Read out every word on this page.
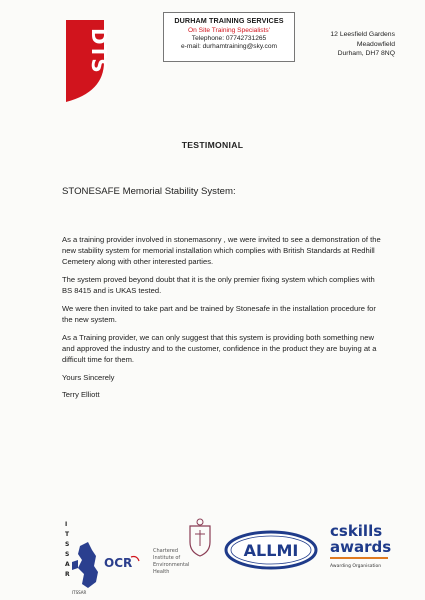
DTS
DURHAM TRAINING SERVICES
On Site Training Specialists'
Telephone: 07742731265
e-mail: durhamtraining@sky.com
12 Leesfield Gardens
Meadowfield
Durham, DH7 8NQ
TESTIMONIAL
STONESAFE Memorial Stability System:

As a training provider involved in stonemasonry , we were invited to see a demonstration of the new stability system for memorial installation which complies with British Standards at Redhill Cemetery along with other interested parties.

The system proved beyond doubt that it is the only premier fixing system which complies with BS 8415 and is UKAS tested.

We were then invited to take part and be trained by Stonesafe in the installation procedure for the new system.

As a Training provider, we can only suggest that this system is providing both something new and approved the industry and to the customer, confidence in the product they are buying at a difficult time for them.

Yours Sincerely

Terry Elliott

I
T
S
S
A
R
ITSSAR
OCR
Chartered
Institute of
Environmental
Health
ALLMI
cskills
awards
Awarding Organisation
